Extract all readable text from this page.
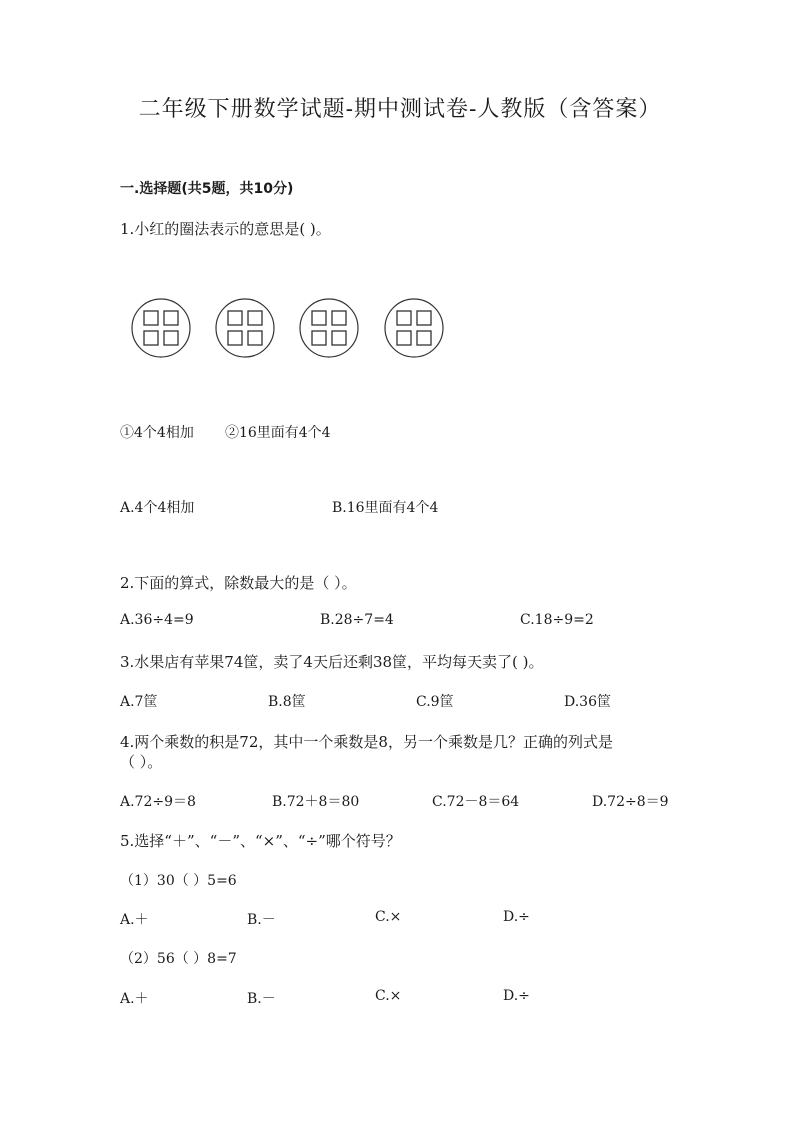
二年级下册数学试题-期中测试卷-人教版（含答案）
一.选择题(共5题，共10分)
1.小红的圈法表示的意思是( )。
①4个4相加       ②16里面有4个4
A.4个4相加	B.16里面有4个4
2.下面的算式，除数最大的是（ ）。
A.36÷4=9	B.28÷7=4	C.18÷9=2
3.水果店有苹果74筐，卖了4天后还剩38筐，平均每天卖了( )。
A.7筐	B.8筐	C.9筐	D.36筐
4.两个乘数的积是72，其中一个乘数是8，另一个乘数是几？正确的列式是
（ ）。
A.72÷9＝8	B.72＋8＝80	C.72－8＝64	D.72÷8＝9
5.选择“＋”、“－”、“×”、“÷”哪个符号？
（1）30（ ）5=6
A.＋	B.－	C.×	D.÷
（2）56（ ）8=7
A.＋	B.－	C.×	D.÷
